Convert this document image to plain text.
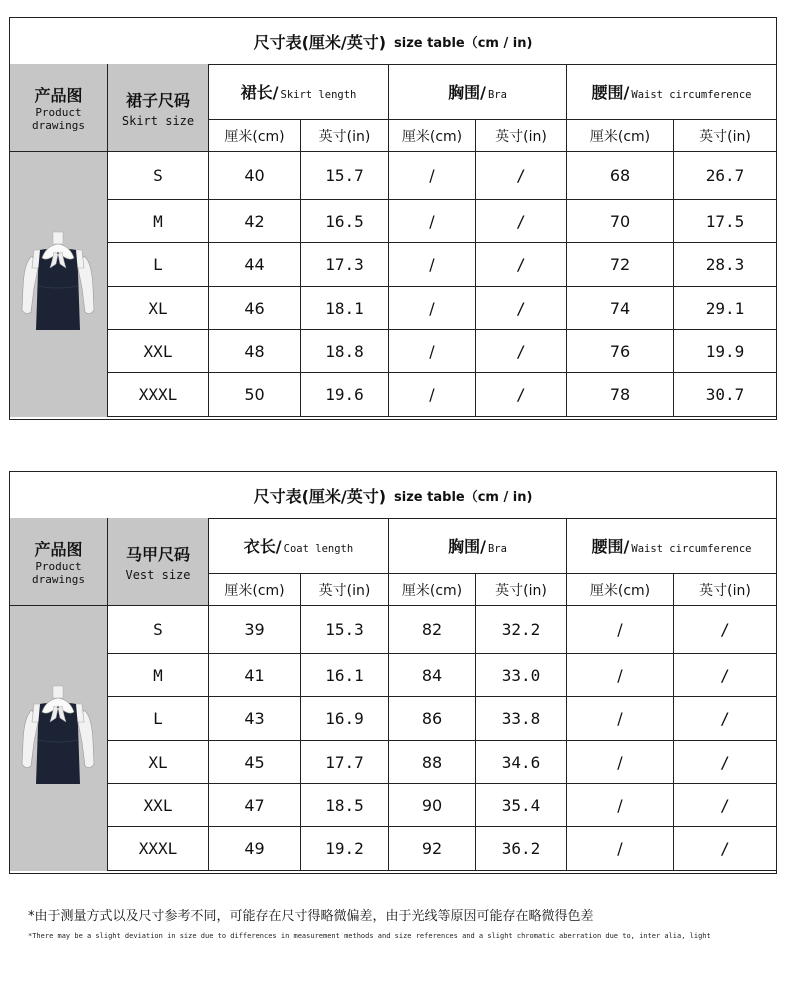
尺寸表(厘米/英寸) size table（cm / in)
产品图
Product
drawings
裙子尺码
Skirt size
裙长/ Skirt length	胸围/ Bra	腰围/ Waist circumference
厘米(cm)	英寸(in)	厘米(cm)	英寸(in)	厘米(cm)	英寸(in)
S	40	15.7	/	/	68	26.7
M	42	16.5	/	/	70	17.5
L	44	17.3	/	/	72	28.3
XL	46	18.1	/	/	74	29.1
XXL	48	18.8	/	/	76	19.9
XXXL	50	19.6	/	/	78	30.7
尺寸表(厘米/英寸) size table（cm / in)
产品图
Product
drawings
马甲尺码
Vest size
衣长/ Coat length	胸围/ Bra	腰围/ Waist circumference
厘米(cm)	英寸(in)	厘米(cm)	英寸(in)	厘米(cm)	英寸(in)
S	39	15.3	82	32.2	/	/
M	41	16.1	84	33.0	/	/
L	43	16.9	86	33.8	/	/
XL	45	17.7	88	34.6	/	/
XXL	47	18.5	90	35.4	/	/
XXXL	49	19.2	92	36.2	/	/
*由于测量方式以及尺寸参考不同，可能存在尺寸得略微偏差，由于光线等原因可能存在略微得色差
*There may be a slight deviation in size due to differences in measurement methods and size references and a slight chromatic aberration due to, inter alia, light
